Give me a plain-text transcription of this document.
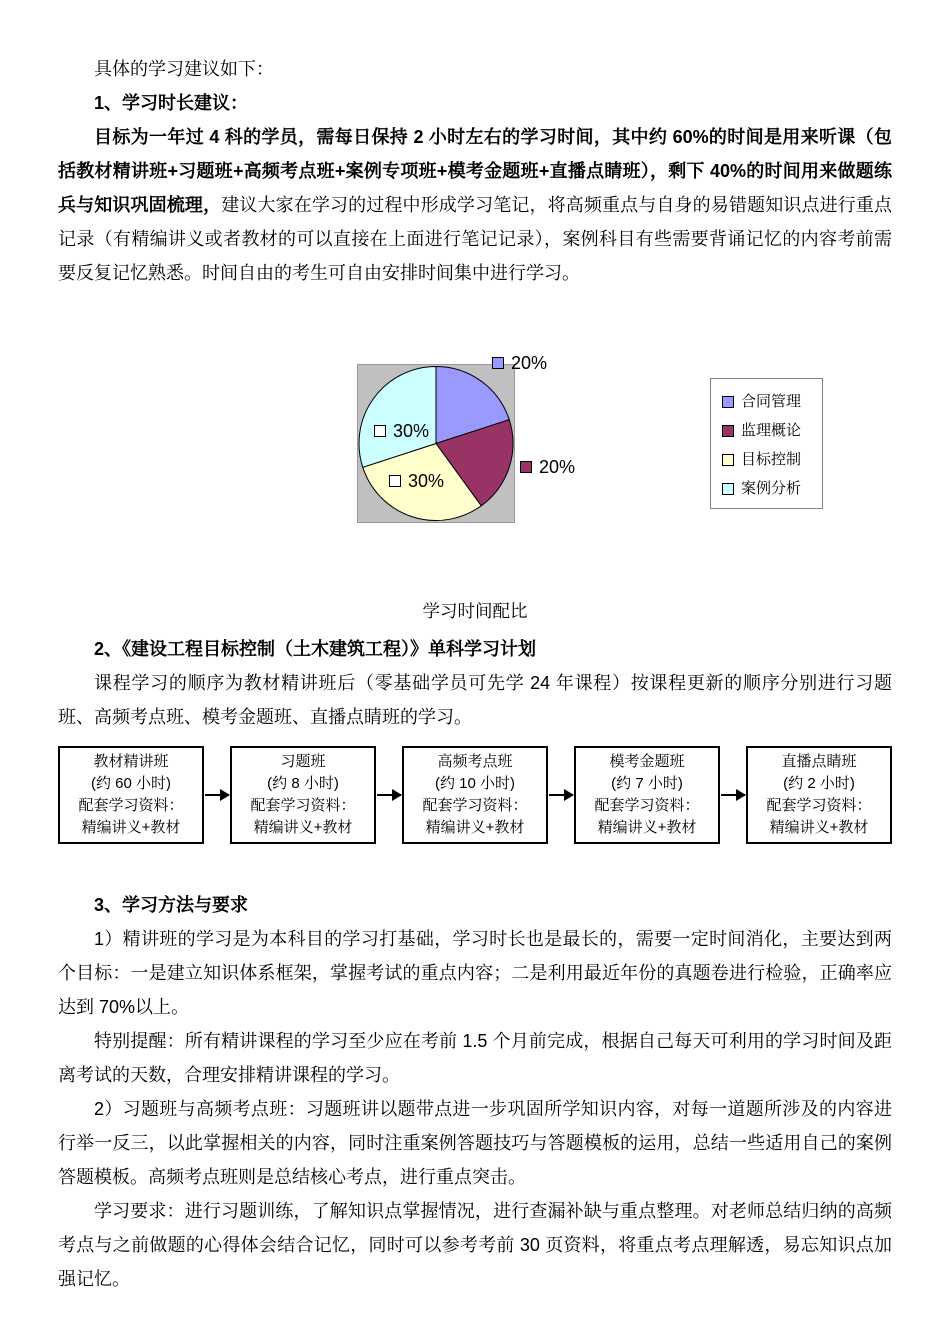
具体的学习建议如下：

1、学习时长建议：

目标为一年过 4 科的学员，需每日保持 2 小时左右的学习时间，其中约 60%的时间是用来听课（包括教材精讲班+习题班+高频考点班+案例专项班+模考金题班+直播点睛班），剩下 40%的时间用来做题练兵与知识巩固梳理，建议大家在学习的过程中形成学习笔记，将高频重点与自身的易错题知识点进行重点记录（有精编讲义或者教材的可以直接在上面进行笔记记录），案例科目有些需要背诵记忆的内容考前需要反复记忆熟悉。时间自由的考生可自由安排时间集中进行学习。

20%
20%
30%
30%
合同管理
监理概论
目标控制
案例分析

学习时间配比

2、《建设工程目标控制（土木建筑工程）》单科学习计划

课程学习的顺序为教材精讲班后（零基础学员可先学 24 年课程）按课程更新的顺序分别进行习题班、高频考点班、模考金题班、直播点睛班的学习。

教材精讲班
(约 60 小时)
配套学习资料：
精编讲义+教材
习题班
(约 8 小时)
配套学习资料：
精编讲义+教材
高频考点班
(约 10 小时)
配套学习资料：
精编讲义+教材
模考金题班
(约 7 小时)
配套学习资料：
精编讲义+教材
直播点睛班
(约 2 小时)
配套学习资料：
精编讲义+教材

3、学习方法与要求

1）精讲班的学习是为本科目的学习打基础，学习时长也是最长的，需要一定时间消化，主要达到两个目标：一是建立知识体系框架，掌握考试的重点内容；二是利用最近年份的真题卷进行检验，正确率应达到 70%以上。

特别提醒：所有精讲课程的学习至少应在考前 1.5 个月前完成，根据自己每天可利用的学习时间及距离考试的天数，合理安排精讲课程的学习。

2）习题班与高频考点班：习题班讲以题带点进一步巩固所学知识内容，对每一道题所涉及的内容进行举一反三，以此掌握相关的内容，同时注重案例答题技巧与答题模板的运用，总结一些适用自己的案例答题模板。高频考点班则是总结核心考点，进行重点突击。

学习要求：进行习题训练，了解知识点掌握情况，进行查漏补缺与重点整理。对老师总结归纳的高频考点与之前做题的心得体会结合记忆，同时可以参考考前 30 页资料，将重点考点理解透，易忘知识点加强记忆。
